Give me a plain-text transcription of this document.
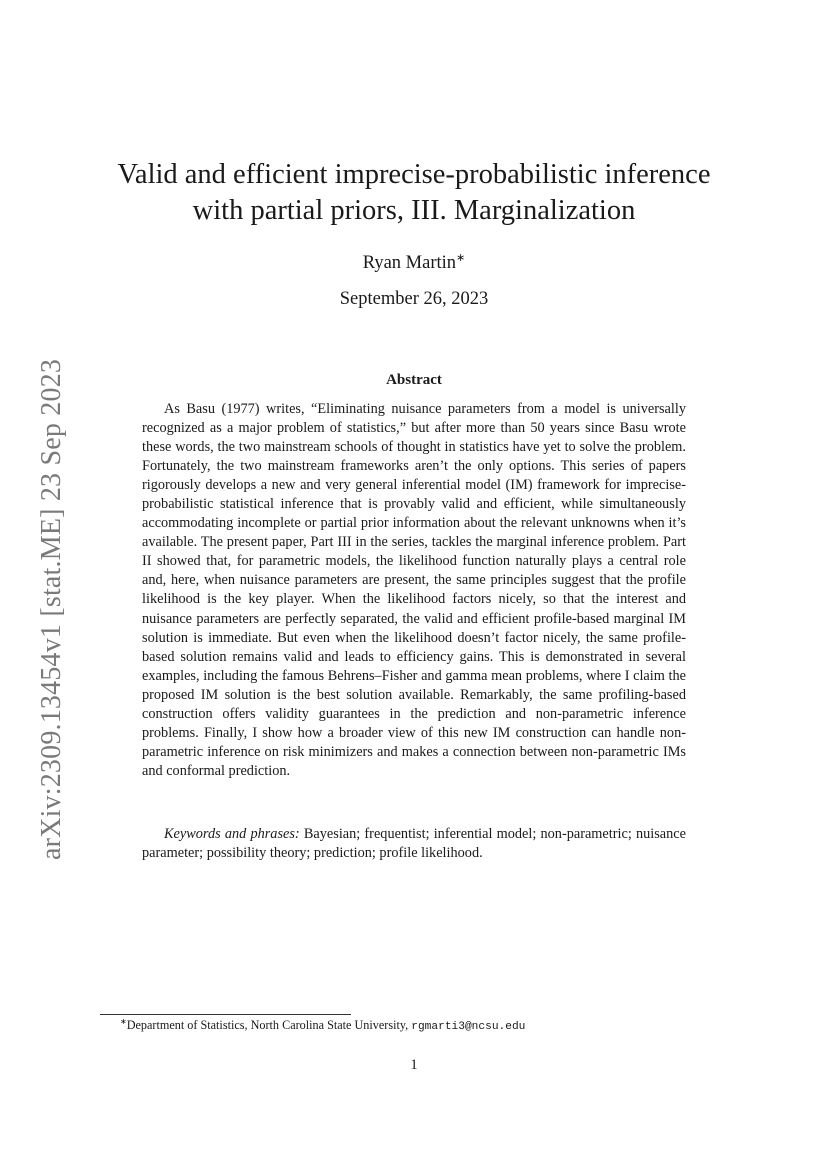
arXiv:2309.13454v1 [stat.ME] 23 Sep 2023
Valid and efficient imprecise-probabilistic inference
with partial priors, III. Marginalization
Ryan Martin∗
September 26, 2023
Abstract

As Basu (1977) writes, “Eliminating nuisance parameters from a model is universally recognized as a major problem of statistics,” but after more than 50 years since Basu wrote these words, the two mainstream schools of thought in statistics have yet to solve the problem. Fortunately, the two mainstream frameworks aren’t the only options. This series of papers rigorously develops a new and very general inferential model (IM) framework for imprecise-probabilistic statistical inference that is provably valid and efficient, while simultaneously accommodating incomplete or partial prior information about the relevant unknowns when it’s available. The present paper, Part III in the series, tackles the marginal inference problem. Part II showed that, for parametric models, the likelihood function naturally plays a central role and, here, when nuisance parameters are present, the same principles suggest that the profile likelihood is the key player. When the likelihood factors nicely, so that the interest and nuisance parameters are perfectly separated, the valid and efficient profile-based marginal IM solution is immediate. But even when the likelihood doesn’t factor nicely, the same profile-based solution remains valid and leads to efficiency gains. This is demonstrated in several examples, including the famous Behrens–Fisher and gamma mean problems, where I claim the proposed IM solution is the best solution available. Remarkably, the same profiling-based construction offers validity guarantees in the prediction and non-parametric inference problems. Finally, I show how a broader view of this new IM construction can handle non-parametric inference on risk minimizers and makes a connection between non-parametric IMs and conformal prediction.

Keywords and phrases: Bayesian; frequentist; inferential model; non-parametric; nuisance parameter; possibility theory; prediction; profile likelihood.

∗Department of Statistics, North Carolina State University, rgmarti3@ncsu.edu
1
